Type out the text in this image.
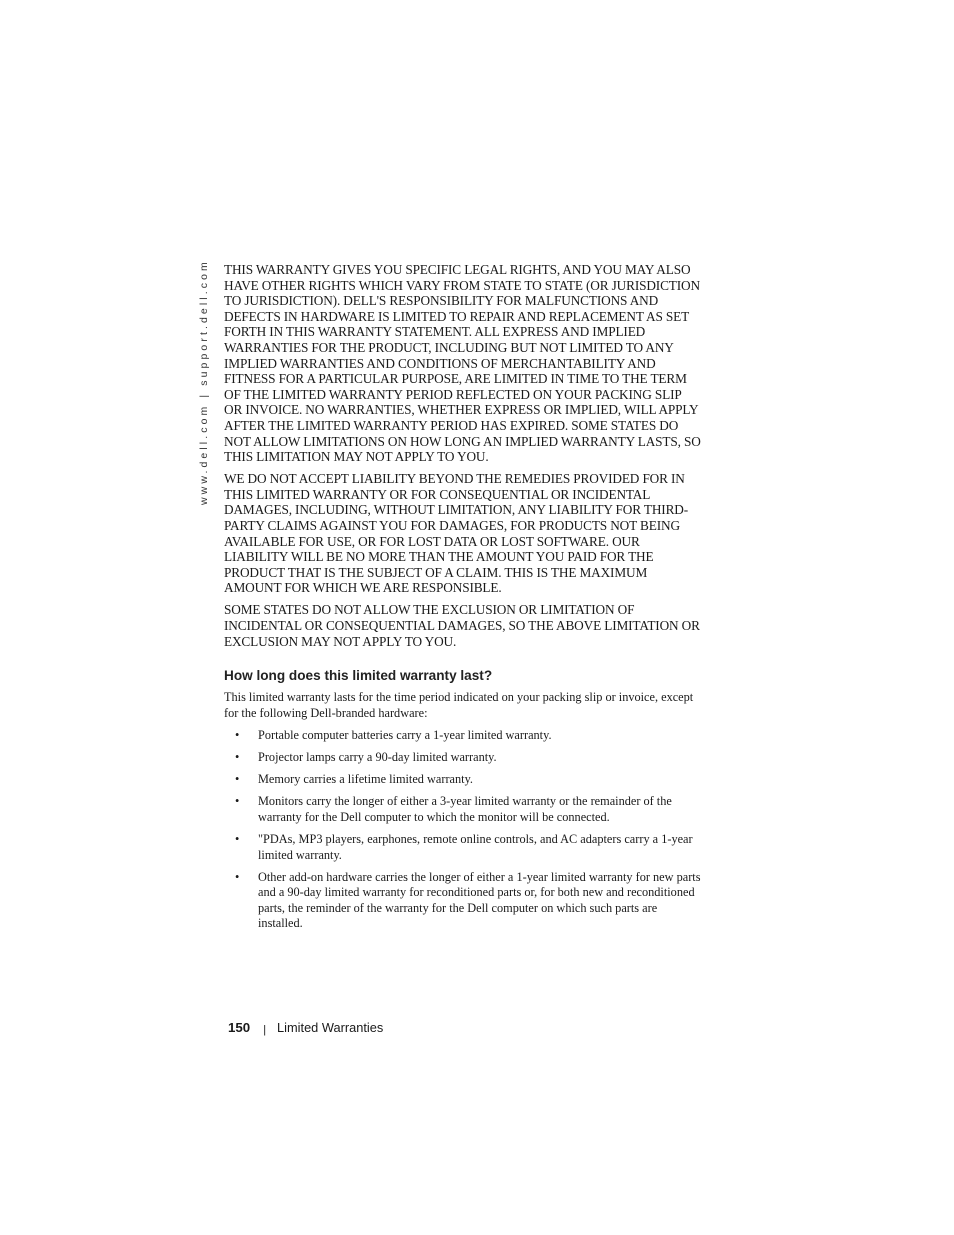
www.dell.com | support.dell.com THIS WARRANTY GIVES YOU SPECIFIC LEGAL RIGHTS, AND YOU MAY ALSO HAVE OTHER RIGHTS WHICH VARY FROM STATE TO STATE (OR JURISDICTION TO JURISDICTION). DELL'S RESPONSIBILITY FOR MALFUNCTIONS AND DEFECTS IN HARDWARE IS LIMITED TO REPAIR AND REPLACEMENT AS SET FORTH IN THIS WARRANTY STATEMENT. ALL EXPRESS AND IMPLIED WARRANTIES FOR THE PRODUCT, INCLUDING BUT NOT LIMITED TO ANY IMPLIED WARRANTIES AND CONDITIONS OF MERCHANTABILITY AND FITNESS FOR A PARTICULAR PURPOSE, ARE LIMITED IN TIME TO THE TERM OF THE LIMITED WARRANTY PERIOD REFLECTED ON YOUR PACKING SLIP OR INVOICE. NO WARRANTIES, WHETHER EXPRESS OR IMPLIED, WILL APPLY AFTER THE LIMITED WARRANTY PERIOD HAS EXPIRED. SOME STATES DO NOT ALLOW LIMITATIONS ON HOW LONG AN IMPLIED WARRANTY LASTS, SO THIS LIMITATION MAY NOT APPLY TO YOU.

WE DO NOT ACCEPT LIABILITY BEYOND THE REMEDIES PROVIDED FOR IN THIS LIMITED WARRANTY OR FOR CONSEQUENTIAL OR INCIDENTAL DAMAGES, INCLUDING, WITHOUT LIMITATION, ANY LIABILITY FOR THIRD-PARTY CLAIMS AGAINST YOU FOR DAMAGES, FOR PRODUCTS NOT BEING AVAILABLE FOR USE, OR FOR LOST DATA OR LOST SOFTWARE. OUR LIABILITY WILL BE NO MORE THAN THE AMOUNT YOU PAID FOR THE PRODUCT THAT IS THE SUBJECT OF A CLAIM. THIS IS THE MAXIMUM AMOUNT FOR WHICH WE ARE RESPONSIBLE.

SOME STATES DO NOT ALLOW THE EXCLUSION OR LIMITATION OF INCIDENTAL OR CONSEQUENTIAL DAMAGES, SO THE ABOVE LIMITATION OR EXCLUSION MAY NOT APPLY TO YOU.

How long does this limited warranty last?

This limited warranty lasts for the time period indicated on your packing slip or invoice, except for the following Dell-branded hardware:

• Portable computer batteries carry a 1-year limited warranty.
• Projector lamps carry a 90-day limited warranty.
• Memory carries a lifetime limited warranty.
• Monitors carry the longer of either a 3-year limited warranty or the remainder of the warranty for the Dell computer to which the monitor will be connected.
• "PDAs, MP3 players, earphones, remote online controls, and AC adapters carry a 1-year limited warranty.
• Other add-on hardware carries the longer of either a 1-year limited warranty for new parts and a 90-day limited warranty for reconditioned parts or, for both new and reconditioned parts, the reminder of the warranty for the Dell computer on which such parts are installed.
150 | Limited Warranties
